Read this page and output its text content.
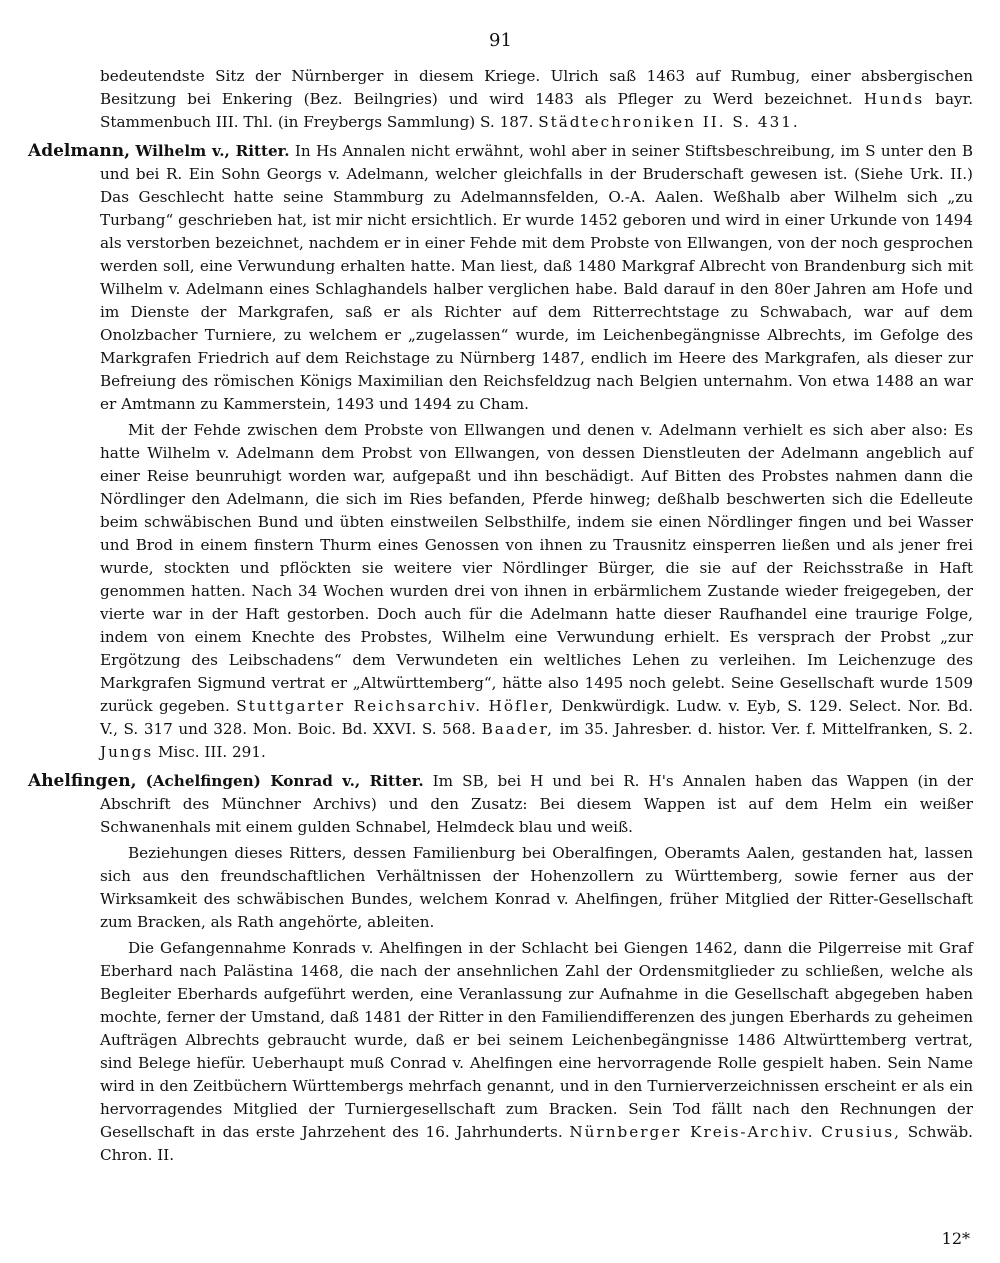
91

bedeutendste Sitz der Nürnberger in diesem Kriege. Ulrich saß 1463 auf Rumbug, einer absbergischen Besitzung bei Enkering (Bez. Beilngries) und wird 1483 als Pfleger zu Werd bezeichnet. Hunds bayr. Stammenbuch III. Thl. (in Freybergs Sammlung) S. 187. Städtechroniken II. S. 431.

Adelmann, Wilhelm v., Ritter. In Hs Annalen nicht erwähnt, wohl aber in seiner Stiftsbeschreibung, im S unter den B und bei R. Ein Sohn Georgs v. Adelmann, welcher gleichfalls in der Bruderschaft gewesen ist. (Siehe Urk. II.) Das Geschlecht hatte seine Stammburg zu Adelmannsfelden, O.-A. Aalen. Weßhalb aber Wilhelm sich „zu Turbang“ geschrieben hat, ist mir nicht ersichtlich. Er wurde 1452 geboren und wird in einer Urkunde von 1494 als verstorben bezeichnet, nachdem er in einer Fehde mit dem Probste von Ellwangen, von der noch gesprochen werden soll, eine Verwundung erhalten hatte. Man liest, daß 1480 Markgraf Albrecht von Brandenburg sich mit Wilhelm v. Adelmann eines Schlaghandels halber verglichen habe. Bald darauf in den 80er Jahren am Hofe und im Dienste der Markgrafen, saß er als Richter auf dem Ritterrechtstage zu Schwabach, war auf dem Onolzbacher Turniere, zu welchem er „zugelassen“ wurde, im Leichenbegängnisse Albrechts, im Gefolge des Markgrafen Friedrich auf dem Reichstage zu Nürnberg 1487, endlich im Heere des Markgrafen, als dieser zur Befreiung des römischen Königs Maximilian den Reichsfeldzug nach Belgien unternahm. Von etwa 1488 an war er Amtmann zu Kammerstein, 1493 und 1494 zu Cham.

Mit der Fehde zwischen dem Probste von Ellwangen und denen v. Adelmann verhielt es sich aber also: Es hatte Wilhelm v. Adelmann dem Probst von Ellwangen, von dessen Dienstleuten der Adelmann angeblich auf einer Reise beunruhigt worden war, aufgepaßt und ihn beschädigt. Auf Bitten des Probstes nahmen dann die Nördlinger den Adelmann, die sich im Ries befanden, Pferde hinweg; deßhalb beschwerten sich die Edelleute beim schwäbischen Bund und übten einstweilen Selbsthilfe, indem sie einen Nördlinger fingen und bei Wasser und Brod in einem finstern Thurm eines Genossen von ihnen zu Trausnitz einsperren ließen und als jener frei wurde, stockten und pflöckten sie weitere vier Nördlinger Bürger, die sie auf der Reichsstraße in Haft genommen hatten. Nach 34 Wochen wurden drei von ihnen in erbärmlichem Zustande wieder freigegeben, der vierte war in der Haft gestorben. Doch auch für die Adelmann hatte dieser Raufhandel eine traurige Folge, indem von einem Knechte des Probstes, Wilhelm eine Verwundung erhielt. Es versprach der Probst „zur Ergötzung des Leibschadens“ dem Verwundeten ein weltliches Lehen zu verleihen. Im Leichenzuge des Markgrafen Sigmund vertrat er „Altwürttemberg“, hätte also 1495 noch gelebt. Seine Gesellschaft wurde 1509 zurück gegeben. Stuttgarter Reichsarchiv. Höfler, Denkwürdigk. Ludw. v. Eyb, S. 129. Select. Nor. Bd. V., S. 317 und 328. Mon. Boic. Bd. XXVI. S. 568. Baader, im 35. Jahresber. d. histor. Ver. f. Mittelfranken, S. 2. Jungs Misc. III. 291.

Ahelfingen, (Achelfingen) Konrad v., Ritter. Im SB, bei H und bei R. H's Annalen haben das Wappen (in der Abschrift des Münchner Archivs) und den Zusatz: Bei diesem Wappen ist auf dem Helm ein weißer Schwanenhals mit einem gulden Schnabel, Helmdeck blau und weiß.

Beziehungen dieses Ritters, dessen Familienburg bei Oberalfingen, Oberamts Aalen, gestanden hat, lassen sich aus den freundschaftlichen Verhältnissen der Hohenzollern zu Württemberg, sowie ferner aus der Wirksamkeit des schwäbischen Bundes, welchem Konrad v. Ahelfingen, früher Mitglied der Ritter-Gesellschaft zum Bracken, als Rath angehörte, ableiten.

Die Gefangennahme Konrads v. Ahelfingen in der Schlacht bei Giengen 1462, dann die Pilgerreise mit Graf Eberhard nach Palästina 1468, die nach der ansehnlichen Zahl der Ordensmitglieder zu schließen, welche als Begleiter Eberhards aufgeführt werden, eine Veranlassung zur Aufnahme in die Gesellschaft abgegeben haben mochte, ferner der Umstand, daß 1481 der Ritter in den Familiendifferenzen des jungen Eberhards zu geheimen Aufträgen Albrechts gebraucht wurde, daß er bei seinem Leichenbegängnisse 1486 Altwürttemberg vertrat, sind Belege hiefür. Ueberhaupt muß Conrad v. Ahelfingen eine hervorragende Rolle gespielt haben. Sein Name wird in den Zeitbüchern Württembergs mehrfach genannt, und in den Turnierverzeichnissen erscheint er als ein hervorragendes Mitglied der Turniergesellschaft zum Bracken. Sein Tod fällt nach den Rechnungen der Gesellschaft in das erste Jahrzehent des 16. Jahrhunderts. Nürnberger Kreis-Archiv. Crusius, Schwäb. Chron. II.

12*
